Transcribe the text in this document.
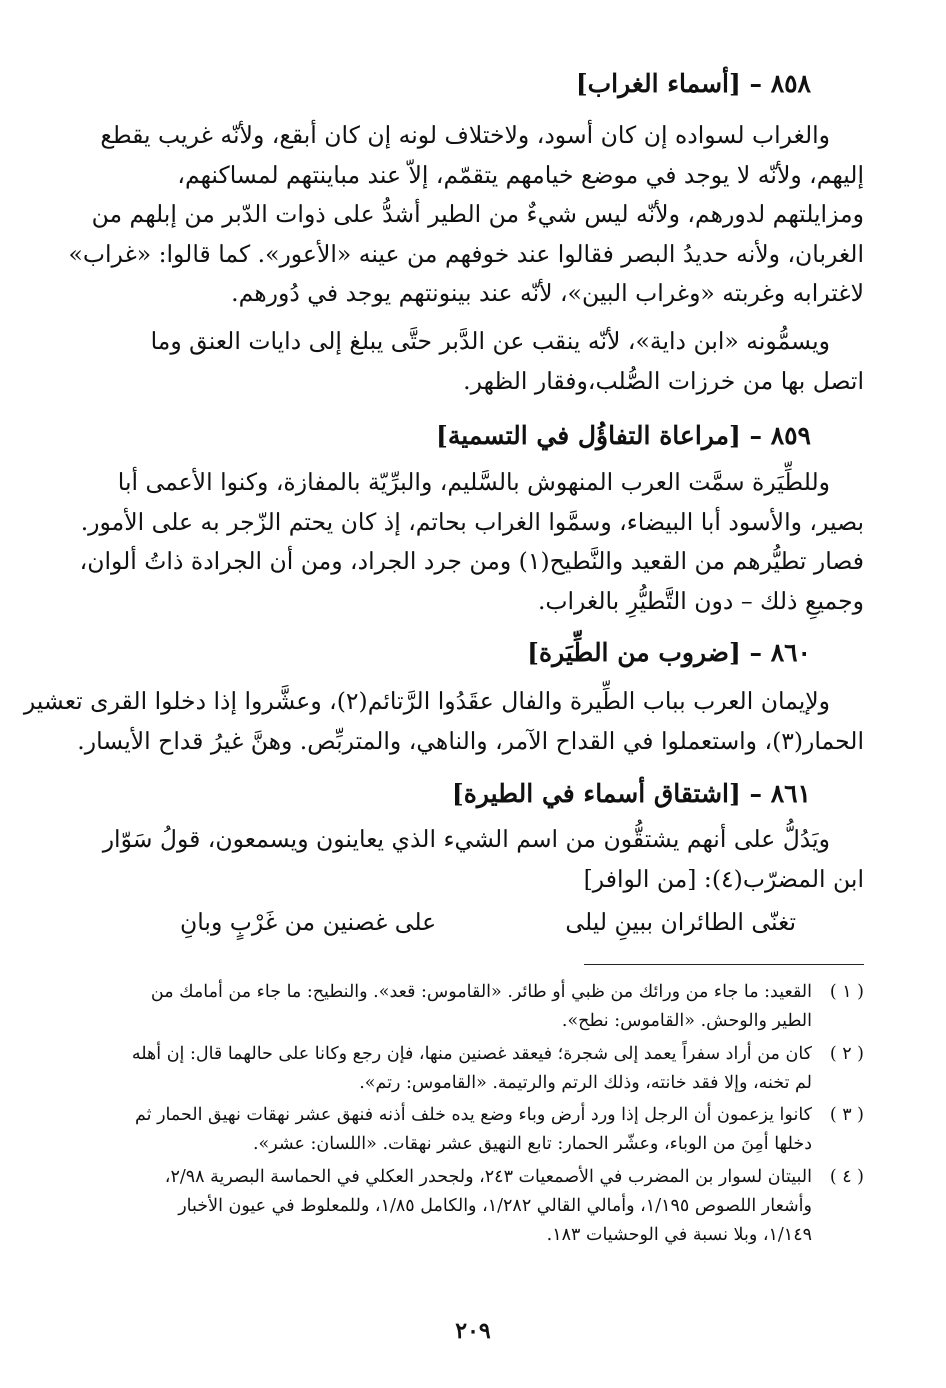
٨٥٨ – [أسماء الغراب]
والغراب لسواده إن كان أسود، ولاختلاف لونه إن كان أبقع، ولأنّه غريب يقطع
إليهم، ولأنّه لا يوجد في موضع خيامهم يتقمّم، إلاّ عند مباينتهم لمساكنهم،
ومزايلتهم لدورهم، ولأنّه ليس شيءٌ من الطير أشدُّ على ذوات الدّبر من إبلهم من
الغربان، ولأنه حديدُ البصر فقالوا عند خوفهم من عينه «الأعور». كما قالوا: «غراب»
لاغترابه وغربته «وغراب البين»، لأنّه عند بينونتهم يوجد في دُورهم.
ويسمُّونه «ابن داية»، لأنّه ينقب عن الدَّبر حتَّى يبلغ إلى دايات العنق وما
اتصل بها من خرزات الصُّلب،وفقار الظهر.
٨٥٩ – [مراعاة التفاؤُل في التسمية]
وللطِّيَرة سمَّت العرب المنهوش بالسَّليم، والبرِّيّة بالمفازة، وكنوا الأعمى أبا
بصير، والأسود أبا البيضاء، وسمَّوا الغراب بحاتم، إذ كان يحتم الزّجر به على الأمور.
فصار تطيُّرهم من القعيد والنَّطيح(١) ومن جرد الجراد، ومن أن الجرادة ذاتُ ألوان،
وجميعِ ذلك – دون التَّطيُّرِ بالغراب.
٨٦٠ – [ضروب من الطِّيَرة]
ولإيمان العرب بباب الطِّيرة والفال عقَدُوا الرَّتائم(٢)، وعشَّروا إذا دخلوا القرى تعشير
الحمار(٣)، واستعملوا في القداح الآمر، والناهي، والمتربِّص. وهنَّ غيرُ قداح الأيسار.
٨٦١ – [اشتقاق أسماء في الطيرة]
ويَدُلُّ على أنهم يشتقُّون من اسم الشيء الذي يعاينون ويسمعون، قولُ سَوّار
ابن المضرّب(٤): [من الوافر]
تغنّى الطائران ببينِ ليلى
على غصنين من غَرْبٍ وبانِ
( ١ )
القعيد: ما جاء من ورائك من ظبي أو طائر. «القاموس: قعد». والنطيح: ما جاء من أمامك من
الطير والوحش. «القاموس: نطح».
( ٢ )
كان من أراد سفراً يعمد إلى شجرة؛ فيعقد غصنين منها، فإن رجع وكانا على حالهما قال: إن أهله
لم تخنه، وإلا فقد خانته، وذلك الرتم والرتيمة. «القاموس: رتم».
( ٣ )
كانوا يزعمون أن الرجل إذا ورد أرض وباء وضع يده خلف أذنه فنهق عشر نهقات نهيق الحمار ثم
دخلها أمِنَ من الوباء، وعشّر الحمار: تابع النهيق عشر نهقات. «اللسان: عشر».
( ٤ )
البيتان لسوار بن المضرب في الأصمعيات ٢٤٣، ولجحدر العكلي في الحماسة البصرية ٢/٩٨،
وأشعار اللصوص ١/١٩٥، وأمالي القالي ١/٢٨٢، والكامل ١/٨٥، وللمعلوط في عيون الأخبار
١/١٤٩، وبلا نسبة في الوحشيات ١٨٣.
٢٠٩
